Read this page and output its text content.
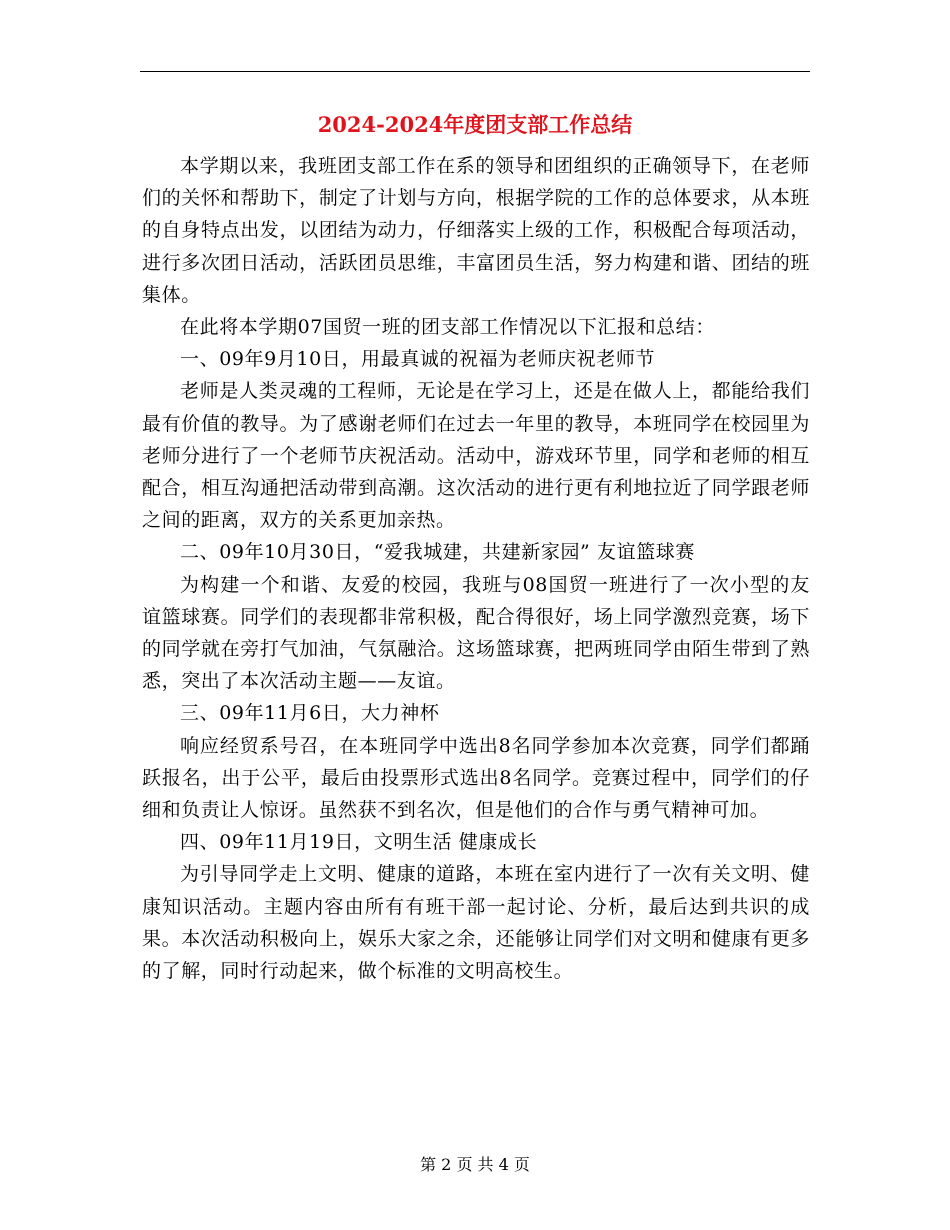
2024-2024年度团支部工作总结

本学期以来，我班团支部工作在系的领导和团组织的正确领导下，在老师们的关怀和帮助下，制定了计划与方向，根据学院的工作的总体要求，从本班的自身特点出发，以团结为动力，仔细落实上级的工作，积极配合每项活动，进行多次团日活动，活跃团员思维，丰富团员生活，努力构建和谐、团结的班集体。

在此将本学期07国贸一班的团支部工作情况以下汇报和总结：

一、09年9月10日，用最真诚的祝福为老师庆祝老师节

老师是人类灵魂的工程师，无论是在学习上，还是在做人上，都能给我们最有价值的教导。为了感谢老师们在过去一年里的教导，本班同学在校园里为老师分进行了一个老师节庆祝活动。活动中，游戏环节里，同学和老师的相互配合，相互沟通把活动带到高潮。这次活动的进行更有利地拉近了同学跟老师之间的距离，双方的关系更加亲热。

二、09年10月30日，“爱我城建，共建新家园” 友谊篮球赛

为构建一个和谐、友爱的校园，我班与08国贸一班进行了一次小型的友谊篮球赛。同学们的表现都非常积极，配合得很好，场上同学激烈竞赛，场下的同学就在旁打气加油，气氛融洽。这场篮球赛，把两班同学由陌生带到了熟悉，突出了本次活动主题——友谊。

三、09年11月6日，大力神杯

响应经贸系号召，在本班同学中选出8名同学参加本次竞赛，同学们都踊跃报名，出于公平，最后由投票形式选出8名同学。竞赛过程中，同学们的仔细和负责让人惊讶。虽然获不到名次，但是他们的合作与勇气精神可加。

四、09年11月19日，文明生活 健康成长

为引导同学走上文明、健康的道路，本班在室内进行了一次有关文明、健康知识活动。主题内容由所有有班干部一起讨论、分析，最后达到共识的成果。本次活动积极向上，娱乐大家之余，还能够让同学们对文明和健康有更多的了解，同时行动起来，做个标准的文明高校生。

第 2 页 共 4 页
